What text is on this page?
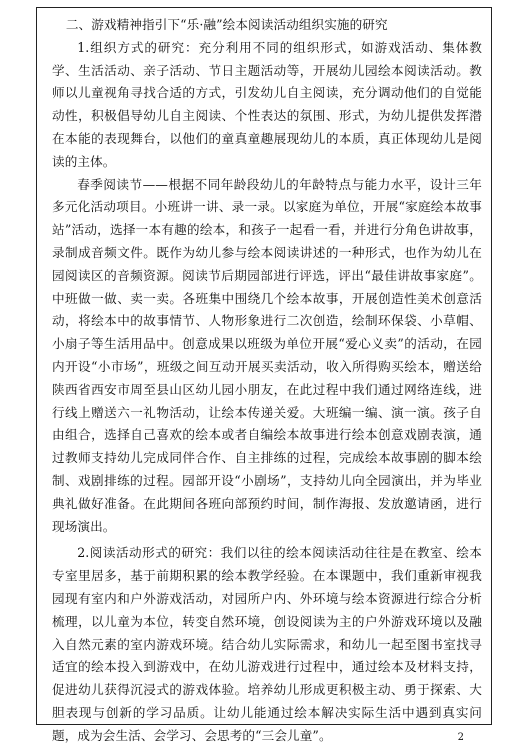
二、游戏精神指引下“乐·融”绘本阅读活动组织实施的研究

1.组织方式的研究：充分利用不同的组织形式，如游戏活动、集体教学、生活活动、亲子活动、节日主题活动等，开展幼儿园绘本阅读活动。教师以儿童视角寻找合适的方式，引发幼儿自主阅读，充分调动他们的自觉能动性，积极倡导幼儿自主阅读、个性表达的氛围、形式，为幼儿提供发挥潜在本能的表现舞台，以他们的童真童趣展现幼儿的本质，真正体现幼儿是阅读的主体。

春季阅读节——根据不同年龄段幼儿的年龄特点与能力水平，设计三年多元化活动项目。小班讲一讲、录一录。以家庭为单位，开展“家庭绘本故事站”活动，选择一本有趣的绘本，和孩子一起看一看，并进行分角色讲故事，录制成音频文件。既作为幼儿参与绘本阅读讲述的一种形式，也作为幼儿在园阅读区的音频资源。阅读节后期园部进行评选，评出“最佳讲故事家庭”。中班做一做、卖一卖。各班集中围绕几个绘本故事，开展创造性美术创意活动，将绘本中的故事情节、人物形象进行二次创造，绘制环保袋、小草帽、小扇子等生活用品中。创意成果以班级为单位开展“爱心义卖”的活动，在园内开设“小市场”，班级之间互动开展买卖活动，收入所得购买绘本，赠送给陕西省西安市周至县山区幼儿园小朋友，在此过程中我们通过网络连线，进行线上赠送六一礼物活动，让绘本传递关爱。大班编一编、演一演。孩子自由组合，选择自己喜欢的绘本或者自编绘本故事进行绘本创意戏剧表演，通过教师支持幼儿完成同伴合作、自主排练的过程，完成绘本故事剧的脚本绘制、戏剧排练的过程。园部开设“小剧场”，支持幼儿向全园演出，并为毕业典礼做好准备。在此期间各班向部预约时间，制作海报、发放邀请函，进行现场演出。

2.阅读活动形式的研究：我们以往的绘本阅读活动往往是在教室、绘本专室里居多，基于前期积累的绘本教学经验。在本课题中，我们重新审视我园现有室内和户外游戏活动，对园所户内、外环境与绘本资源进行综合分析梳理，以儿童为本位，转变自然环境，创设阅读为主的户外游戏环境以及融入自然元素的室内游戏环境。结合幼儿实际需求，和幼儿一起至图书室找寻适宜的绘本投入到游戏中，在幼儿游戏进行过程中，通过绘本及材料支持，促进幼儿获得沉浸式的游戏体验。培养幼儿形成更积极主动、勇于探索、大胆表现与创新的学习品质。让幼儿能通过绘本解决实际生活中遇到真实问题，成为会生活、会学习、会思考的“三会儿童”。	2
